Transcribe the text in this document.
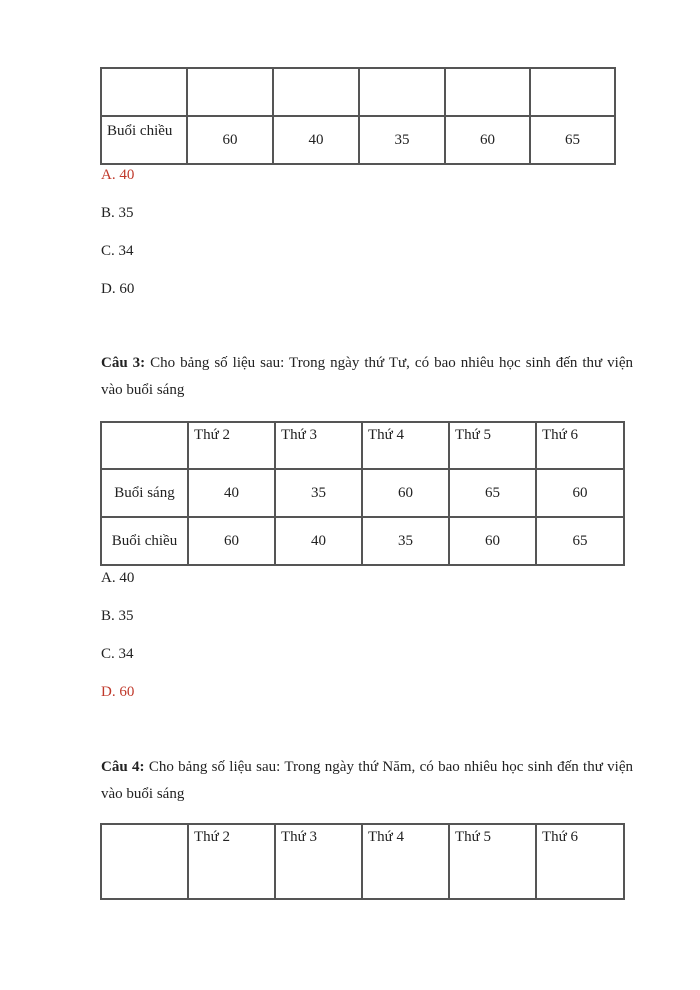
Buổi chiều	60	40	35	60	65
A. 40
B. 35
C. 34
D. 60
Câu 3: Cho bảng số liệu sau: Trong ngày thứ Tư, có bao nhiêu học sinh đến thư viện vào buổi sáng
	Thứ 2	Thứ 3	Thứ 4	Thứ 5	Thứ 6
Buổi sáng	40	35	60	65	60
Buổi chiều	60	40	35	60	65
A. 40
B. 35
C. 34
D. 60
Câu 4: Cho bảng số liệu sau: Trong ngày thứ Năm, có bao nhiêu học sinh đến thư viện vào buổi sáng
	Thứ 2	Thứ 3	Thứ 4	Thứ 5	Thứ 6
